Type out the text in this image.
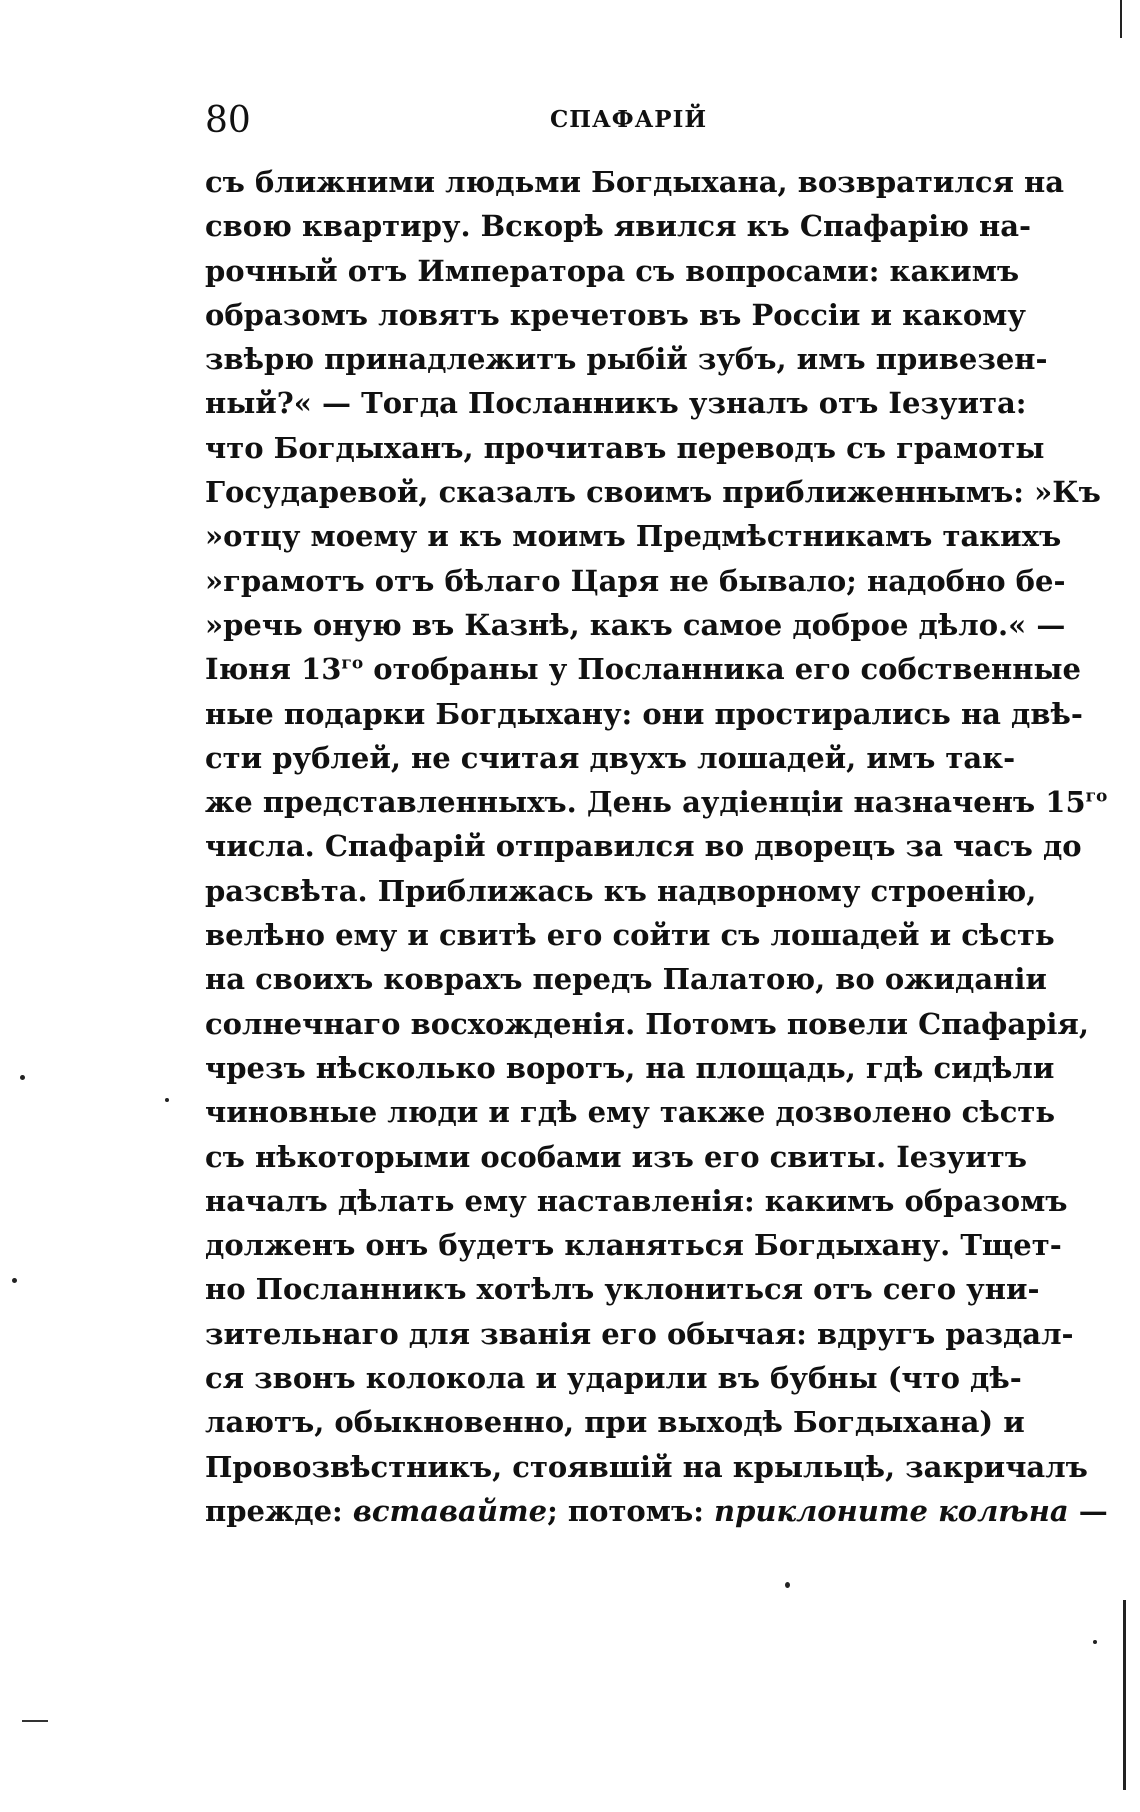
80	СПАФАРІЙ
съ ближними людьми Богдыхана, возвратился на
свою квартиру. Вскорѣ явился къ Спафарію на-
рочный отъ Императора съ вопросами: какимъ
образомъ ловятъ кречетовъ въ Россіи и какому
звѣрю принадлежитъ рыбій зубъ, имъ привезен-
ный?« — Тогда Посланникъ узналъ отъ Іезуита:
что Богдыханъ, прочитавъ переводъ съ грамоты
Государевой, сказалъ своимъ приближеннымъ: »Къ
»отцу моему и къ моимъ Предмѣстникамъ такихъ
»грамотъ отъ бѣлаго Царя не бывало; надобно бе-
»речь оную въ Казнѣ, какъ самое доброе дѣло.« —
Іюня $13^{го}$ отобраны у Посланника его собственные
ные подарки Богдыхану: они простирались на двѣ-
сти рублей, не считая двухъ лошадей, имъ так-
же представленныхъ. День аудіенціи назначенъ $15^{го}$
числа. Спафарій отправился во дворецъ за часъ до
разсвѣта. Приближась къ надворному строенію,
велѣно ему и свитѣ его сойти съ лошадей и сѣсть
на своихъ коврахъ передъ Палатою, во ожиданіи
солнечнаго восхожденія. Потомъ повели Спафарія,
чрезъ нѣсколько воротъ, на площадь, гдѣ сидѣли
чиновные люди и гдѣ ему также дозволено сѣсть
съ нѣкоторыми особами изъ его свиты. Іезуитъ
началъ дѣлать ему наставленія: какимъ образомъ
долженъ онъ будетъ кланяться Богдыхану. Тщет-
но Посланникъ хотѣлъ уклониться отъ сего уни-
зительнаго для званія его обычая: вдругъ раздал-
ся звонъ колокола и ударили въ бубны (что дѣ-
лаютъ, обыкновенно, при выходѣ Богдыхана) и
Провозвѣстникъ, стоявшій на крыльцѣ, закричалъ
прежде: вставайте; потомъ: приклоните колѣна —
